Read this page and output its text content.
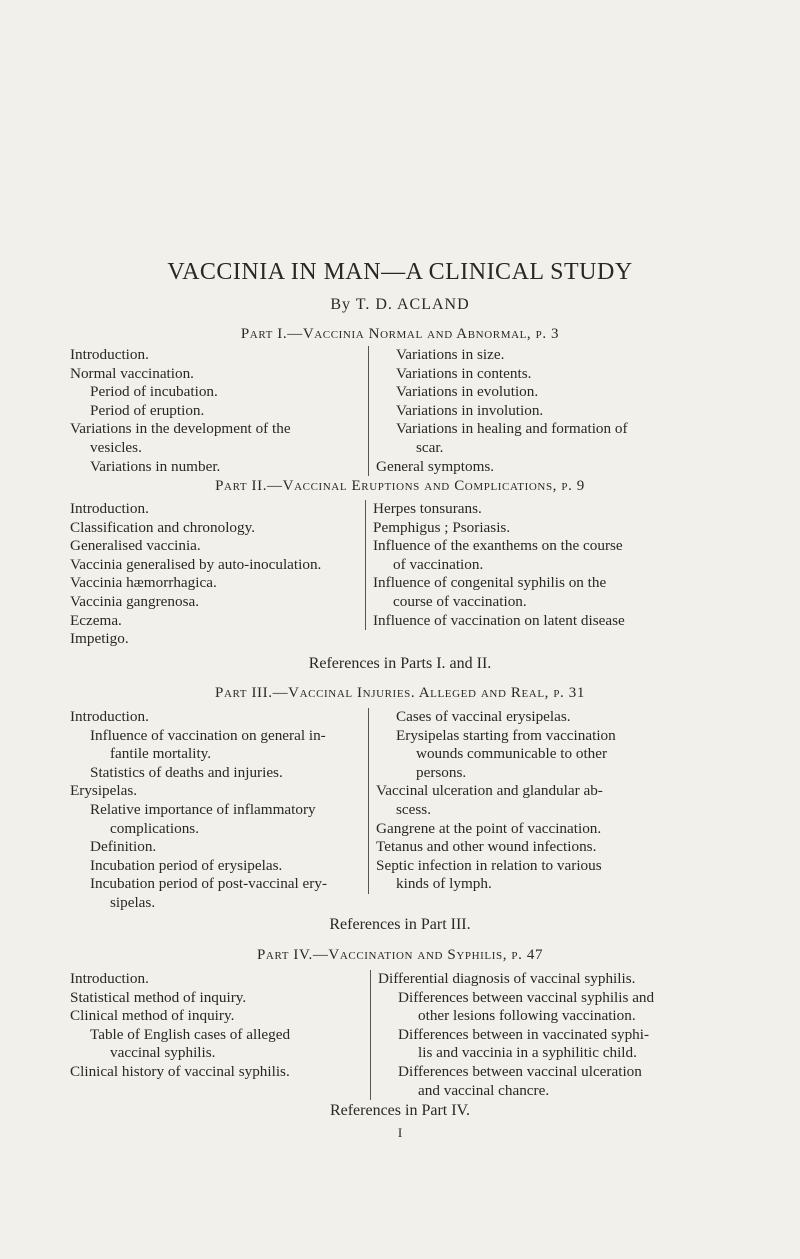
VACCINIA IN MAN—A CLINICAL STUDY
By T. D. ACLAND
Part I.—Vaccinia Normal and Abnormal, p. 3
Introduction.
Normal vaccination.
Period of incubation.
Period of eruption.
Variations in the development of the
vesicles.
Variations in number.
Variations in size.
Variations in contents.
Variations in evolution.
Variations in involution.
Variations in healing and formation of
scar.
General symptoms.
Part II.—Vaccinal Eruptions and Complications, p. 9
Introduction.
Classification and chronology.
Generalised vaccinia.
Vaccinia generalised by auto-inoculation.
Vaccinia hæmorrhagica.
Vaccinia gangrenosa.
Eczema.
Impetigo.
Herpes tonsurans.
Pemphigus ; Psoriasis.
Influence of the exanthems on the course
of vaccination.
Influence of congenital syphilis on the
course of vaccination.
Influence of vaccination on latent disease
References in Parts I. and II.
Part III.—Vaccinal Injuries. Alleged and Real, p. 31
Introduction.
Influence of vaccination on general in-
fantile mortality.
Statistics of deaths and injuries.
Erysipelas.
Relative importance of inflammatory
complications.
Definition.
Incubation period of erysipelas.
Incubation period of post-vaccinal ery-
sipelas.
Cases of vaccinal erysipelas.
Erysipelas starting from vaccination
wounds communicable to other
persons.
Vaccinal ulceration and glandular ab-
scess.
Gangrene at the point of vaccination.
Tetanus and other wound infections.
Septic infection in relation to various
kinds of lymph.
References in Part III.
Part IV.—Vaccination and Syphilis, p. 47
Introduction.
Statistical method of inquiry.
Clinical method of inquiry.
Table of English cases of alleged
vaccinal syphilis.
Clinical history of vaccinal syphilis.
Differential diagnosis of vaccinal syphilis.
Differences between vaccinal syphilis and
other lesions following vaccination.
Differences between in vaccinated syphi-
lis and vaccinia in a syphilitic child.
Differences between vaccinal ulceration
and vaccinal chancre.
References in Part IV.
I
